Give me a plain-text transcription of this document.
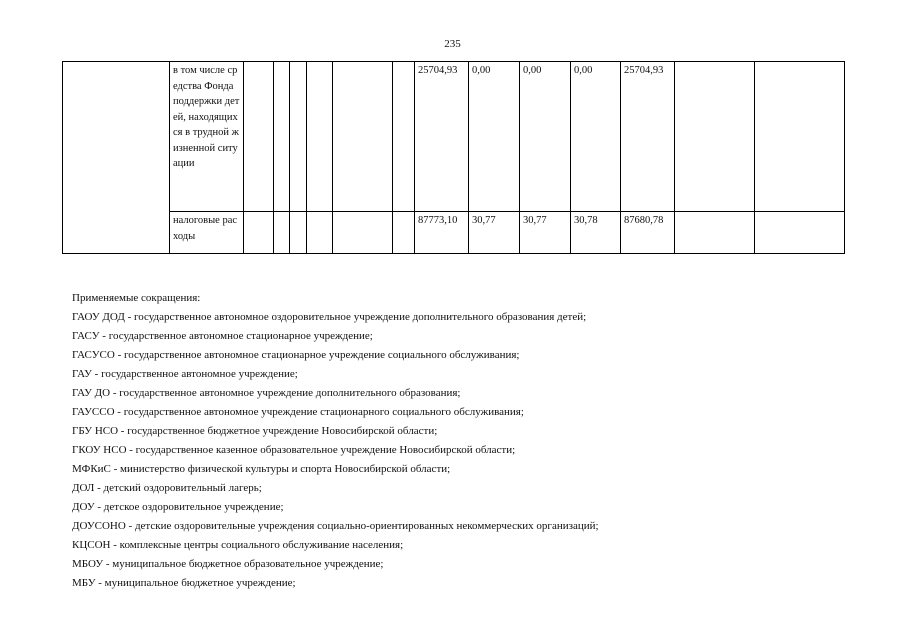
235
	в том числе средства Фонда поддержки детей, находящихся в трудной жизненной ситуации							25704,93	0,00	0,00	0,00	25704,93		
	налоговые расходы							87773,10	30,77	30,77	30,78	87680,78		
Применяемые сокращения:
ГАОУ ДОД - государственное автономное оздоровительное учреждение дополнительного образования детей;
ГАСУ - государственное автономное стационарное учреждение;
ГАСУСО - государственное автономное стационарное учреждение социального обслуживания;
ГАУ - государственное автономное учреждение;
ГАУ ДО - государственное автономное учреждение дополнительного образования;
ГАУССО - государственное автономное учреждение стационарного социального обслуживания;
ГБУ НСО - государственное бюджетное учреждение Новосибирской области;
ГКОУ НСО - государственное казенное образовательное учреждение Новосибирской области;
МФКиС - министерство физической культуры и спорта Новосибирской области;
ДОЛ - детский оздоровительный лагерь;
ДОУ - детское оздоровительное учреждение;
ДОУСОНО - детские оздоровительные учреждения социально-ориентированных некоммерческих организаций;
КЦСОН - комплексные центры социального обслуживание населения;
МБОУ - муниципальное бюджетное образовательное учреждение;
МБУ - муниципальное бюджетное учреждение;
